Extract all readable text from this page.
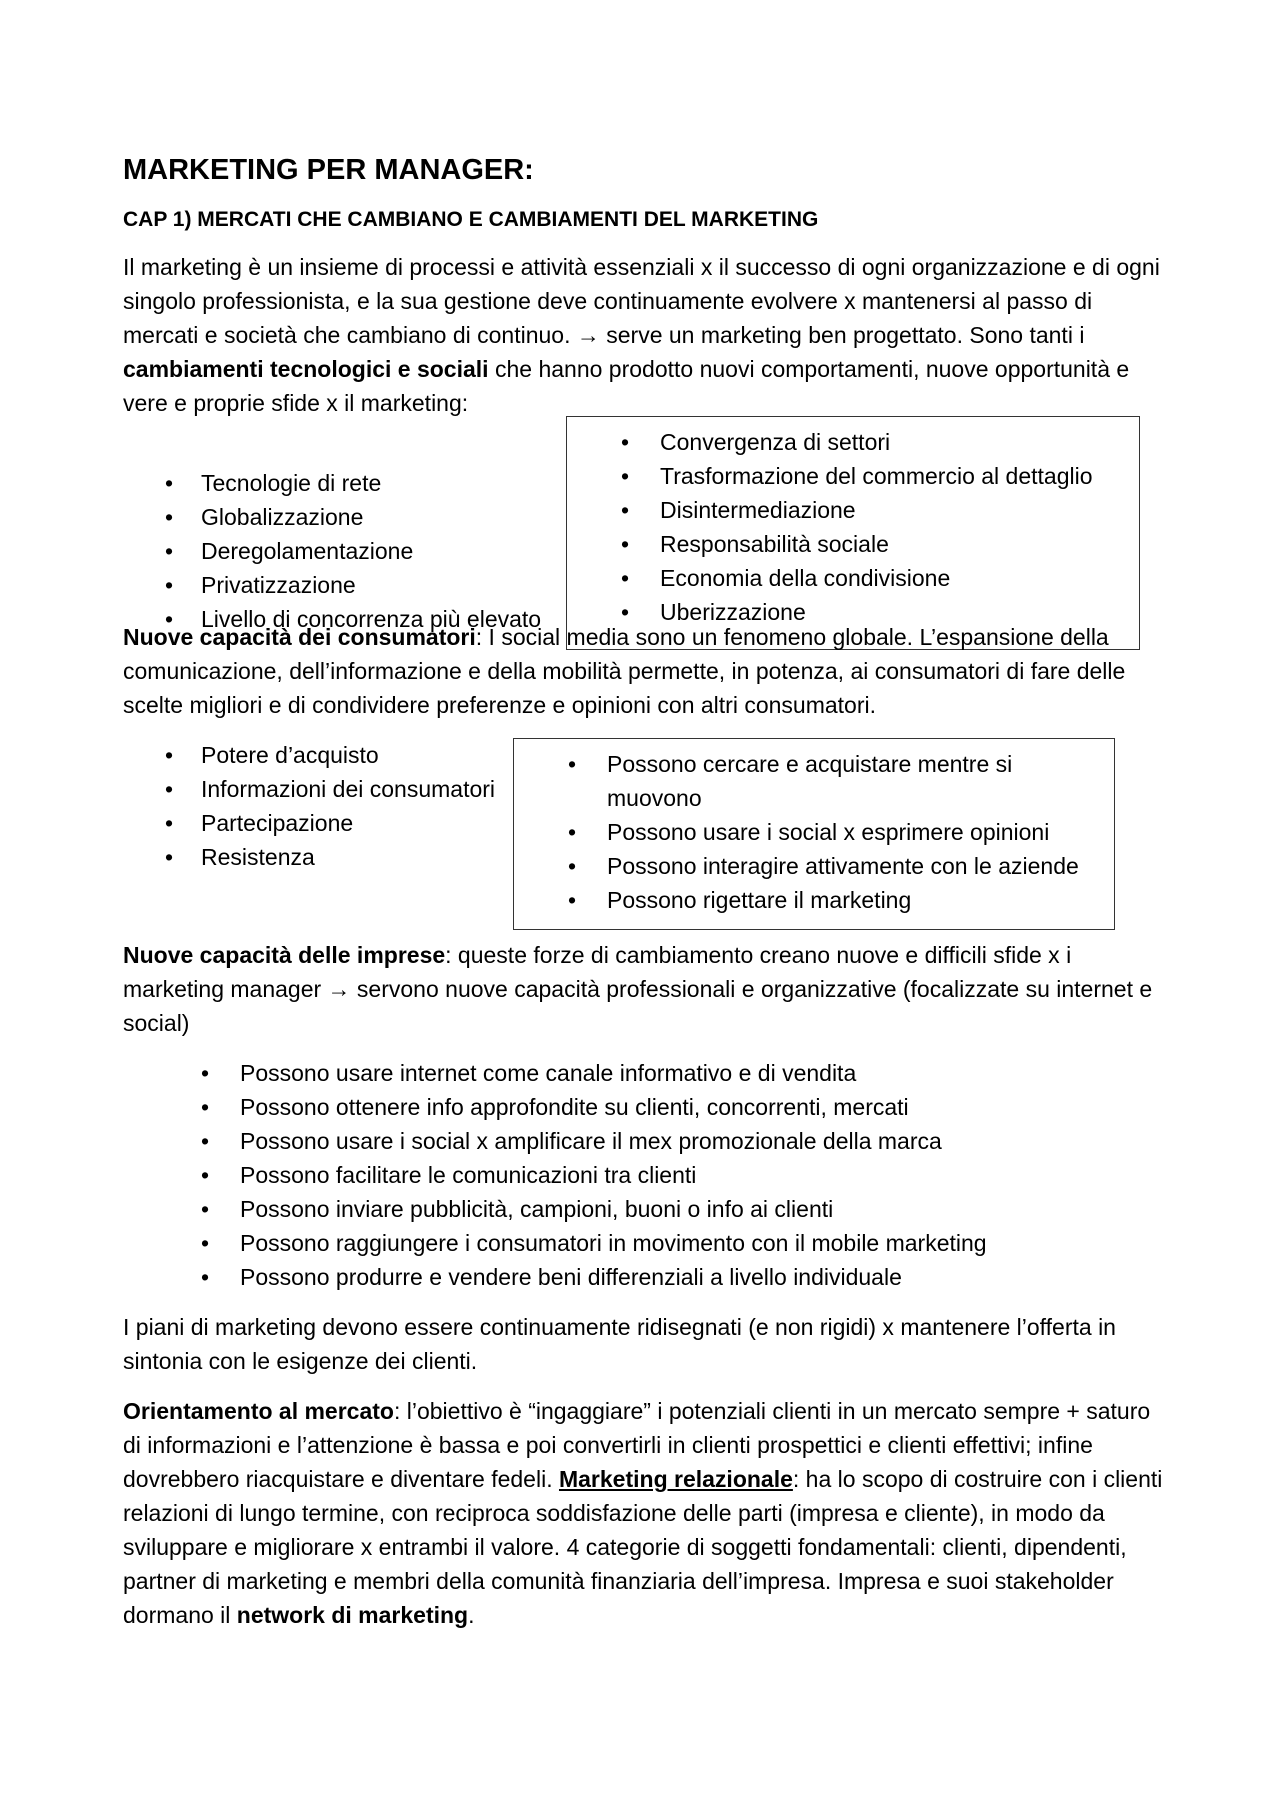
MARKETING PER MANAGER:
CAP 1) MERCATI CHE CAMBIANO E CAMBIAMENTI DEL MARKETING

Il marketing è un insieme di processi e attività essenziali x il successo di ogni organizzazione e di ogni singolo professionista, e la sua gestione deve continuamente evolvere x mantenersi al passo di mercati e società che cambiano di continuo. → serve un marketing ben progettato. Sono tanti i cambiamenti tecnologici e sociali che hanno prodotto nuovi comportamenti, nuove opportunità e vere e proprie sfide x il marketing:

• Tecnologie di rete
• Globalizzazione
• Deregolamentazione
• Privatizzazione
• Livello di concorrenza più elevato
• Convergenza di settori
• Trasformazione del commercio al dettaglio
• Disintermediazione
• Responsabilità sociale
• Economia della condivisione
• Uberizzazione

Nuove capacità dei consumatori: I social media sono un fenomeno globale. L’espansione della comunicazione, dell’informazione e della mobilità permette, in potenza, ai consumatori di fare delle scelte migliori e di condividere preferenze e opinioni con altri consumatori.

• Potere d’acquisto
• Informazioni dei consumatori
• Partecipazione
• Resistenza
• Possono cercare e acquistare mentre si muovono
• Possono usare i social x esprimere opinioni
• Possono interagire attivamente con le aziende
• Possono rigettare il marketing

Nuove capacità delle imprese: queste forze di cambiamento creano nuove e difficili sfide x i marketing manager → servono nuove capacità professionali e organizzative (focalizzate su internet e social)

• Possono usare internet come canale informativo e di vendita
• Possono ottenere info approfondite su clienti, concorrenti, mercati
• Possono usare i social x amplificare il mex promozionale della marca
• Possono facilitare le comunicazioni tra clienti
• Possono inviare pubblicità, campioni, buoni o info ai clienti
• Possono raggiungere i consumatori in movimento con il mobile marketing
• Possono produrre e vendere beni differenziali a livello individuale

I piani di marketing devono essere continuamente ridisegnati (e non rigidi) x mantenere l’offerta in sintonia con le esigenze dei clienti.

Orientamento al mercato: l’obiettivo è “ingaggiare” i potenziali clienti in un mercato sempre + saturo di informazioni e l’attenzione è bassa e poi convertirli in clienti prospettici e clienti effettivi; infine dovrebbero riacquistare e diventare fedeli. Marketing relazionale: ha lo scopo di costruire con i clienti relazioni di lungo termine, con reciproca soddisfazione delle parti (impresa e cliente), in modo da sviluppare e migliorare x entrambi il valore. 4 categorie di soggetti fondamentali: clienti, dipendenti, partner di marketing e membri della comunità finanziaria dell’impresa. Impresa e suoi stakeholder dormano il network di marketing.
